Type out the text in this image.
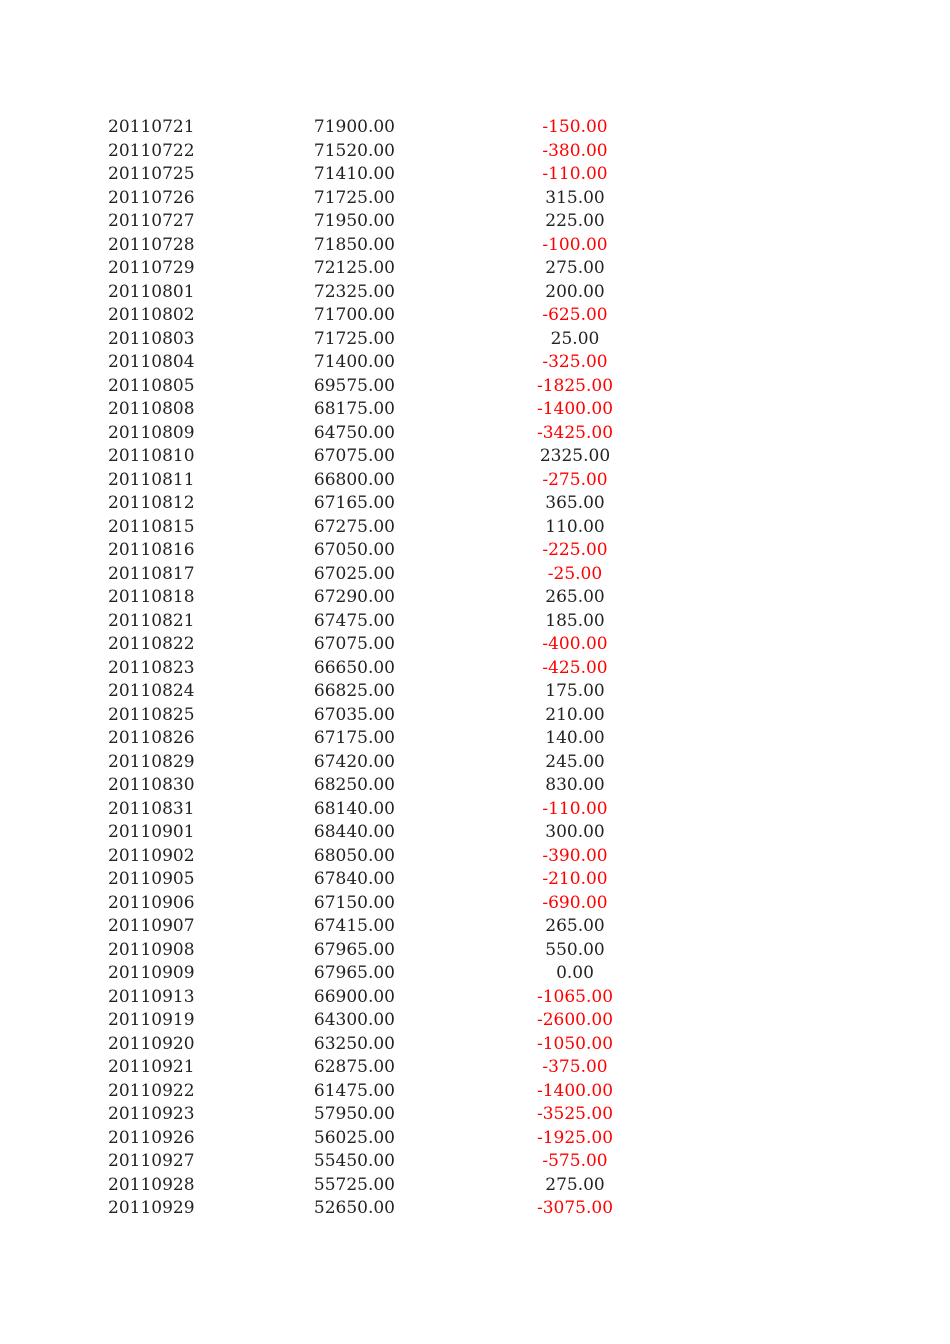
20110721	71900.00	-150.00
20110722	71520.00	-380.00
20110725	71410.00	-110.00
20110726	71725.00	315.00
20110727	71950.00	225.00
20110728	71850.00	-100.00
20110729	72125.00	275.00
20110801	72325.00	200.00
20110802	71700.00	-625.00
20110803	71725.00	25.00
20110804	71400.00	-325.00
20110805	69575.00	-1825.00
20110808	68175.00	-1400.00
20110809	64750.00	-3425.00
20110810	67075.00	2325.00
20110811	66800.00	-275.00
20110812	67165.00	365.00
20110815	67275.00	110.00
20110816	67050.00	-225.00
20110817	67025.00	-25.00
20110818	67290.00	265.00
20110821	67475.00	185.00
20110822	67075.00	-400.00
20110823	66650.00	-425.00
20110824	66825.00	175.00
20110825	67035.00	210.00
20110826	67175.00	140.00
20110829	67420.00	245.00
20110830	68250.00	830.00
20110831	68140.00	-110.00
20110901	68440.00	300.00
20110902	68050.00	-390.00
20110905	67840.00	-210.00
20110906	67150.00	-690.00
20110907	67415.00	265.00
20110908	67965.00	550.00
20110909	67965.00	0.00
20110913	66900.00	-1065.00
20110919	64300.00	-2600.00
20110920	63250.00	-1050.00
20110921	62875.00	-375.00
20110922	61475.00	-1400.00
20110923	57950.00	-3525.00
20110926	56025.00	-1925.00
20110927	55450.00	-575.00
20110928	55725.00	275.00
20110929	52650.00	-3075.00
